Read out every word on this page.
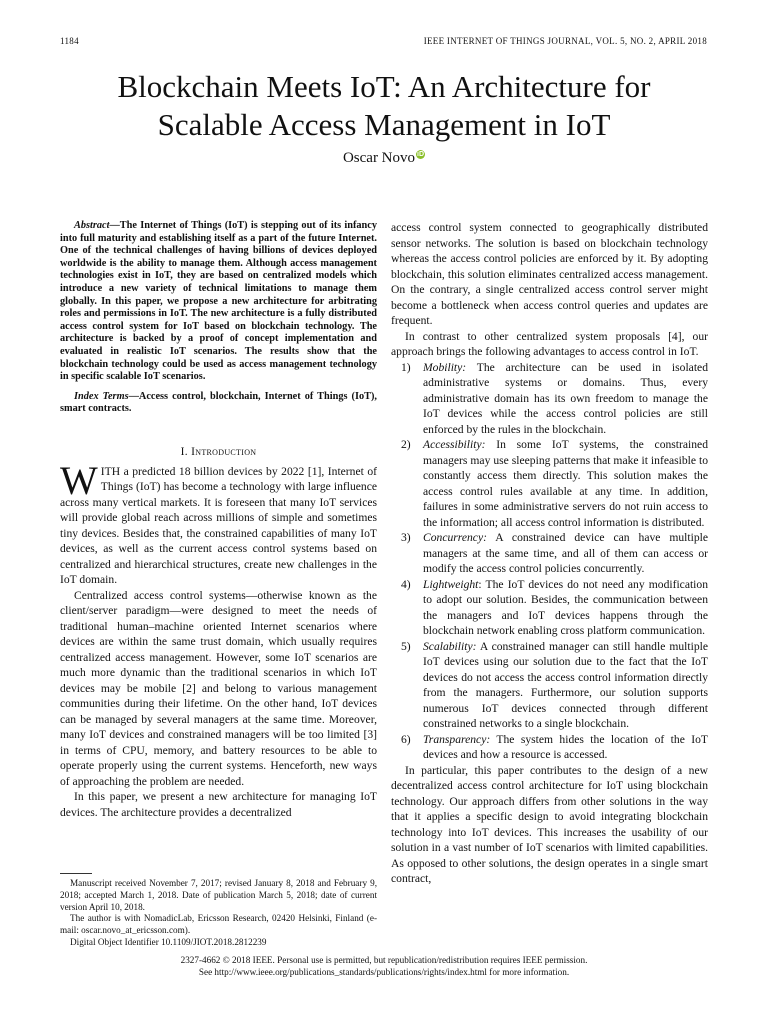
1184	IEEE INTERNET OF THINGS JOURNAL, VOL. 5, NO. 2, APRIL 2018
Blockchain Meets IoT: An Architecture for
Scalable Access Management in IoT
Oscar Novo iD

Abstract—The Internet of Things (IoT) is stepping out of its infancy into full maturity and establishing itself as a part of the future Internet. One of the technical challenges of having billions of devices deployed worldwide is the ability to manage them. Although access management technologies exist in IoT, they are based on centralized models which introduce a new variety of technical limitations to manage them globally. In this paper, we propose a new architecture for arbitrating roles and permissions in IoT. The new architecture is a fully distributed access control system for IoT based on blockchain technology. The architecture is backed by a proof of concept implementation and evaluated in realistic IoT scenarios. The results show that the blockchain technology could be used as access management technology in specific scalable IoT scenarios.

Index Terms—Access control, blockchain, Internet of Things (IoT), smart contracts.

I. Introduction

WITH a predicted 18 billion devices by 2022 [1], Internet of Things (IoT) has become a technology with large influence across many vertical markets. It is foreseen that many IoT services will provide global reach across millions of simple and sometimes tiny devices. Besides that, the constrained capabilities of many IoT devices, as well as the current access control systems based on centralized and hierarchical structures, create new challenges in the IoT domain.

Centralized access control systems—otherwise known as the client/server paradigm—were designed to meet the needs of traditional human–machine oriented Internet scenarios where devices are within the same trust domain, which usually requires centralized access management. However, some IoT scenarios are much more dynamic than the traditional scenarios in which IoT devices may be mobile [2] and belong to various management communities during their lifetime. On the other hand, IoT devices can be managed by several managers at the same time. Moreover, many IoT devices and constrained managers will be too limited [3] in terms of CPU, memory, and battery resources to be able to operate properly using the current systems. Henceforth, new ways of approaching the problem are needed.

In this paper, we present a new architecture for managing IoT devices. The architecture provides a decentralized

access control system connected to geographically distributed sensor networks. The solution is based on blockchain technology whereas the access control policies are enforced by it. By adopting blockchain, this solution eliminates centralized access management. On the contrary, a single centralized access control server might become a bottleneck when access control queries and updates are frequent.

In contrast to other centralized system proposals [4], our approach brings the following advantages to access control in IoT.

1) Mobility: The architecture can be used in isolated administrative systems or domains. Thus, every administrative domain has its own freedom to manage the IoT devices while the access control policies are still enforced by the rules in the blockchain.
2) Accessibility: In some IoT systems, the constrained managers may use sleeping patterns that make it infeasible to constantly access them directly. This solution makes the access control rules available at any time. In addition, failures in some administrative servers do not ruin access to the information; all access control information is distributed.
3) Concurrency: A constrained device can have multiple managers at the same time, and all of them can access or modify the access control policies concurrently.
4) Lightweight: The IoT devices do not need any modification to adopt our solution. Besides, the communication between the managers and IoT devices happens through the blockchain network enabling cross platform communication.
5) Scalability: A constrained manager can still handle multiple IoT devices using our solution due to the fact that the IoT devices do not access the access control information directly from the managers. Furthermore, our solution supports numerous IoT devices connected through different constrained networks to a single blockchain.
6) Transparency: The system hides the location of the IoT devices and how a resource is accessed.

In particular, this paper contributes to the design of a new decentralized access control architecture for IoT using blockchain technology. Our approach differs from other solutions in the way that it applies a specific design to avoid integrating blockchain technology into IoT devices. This increases the usability of our solution in a vast number of IoT scenarios with limited capabilities. As opposed to other solutions, the design operates in a single smart contract,

Manuscript received November 7, 2017; revised January 8, 2018 and February 9, 2018; accepted March 1, 2018. Date of publication March 5, 2018; date of current version April 10, 2018.

The author is with NomadicLab, Ericsson Research, 02420 Helsinki, Finland (e-mail: oscar.novo_at_ericsson.com).

Digital Object Identifier 10.1109/JIOT.2018.2812239

2327-4662 © 2018 IEEE. Personal use is permitted, but republication/redistribution requires IEEE permission.
See http://www.ieee.org/publications_standards/publications/rights/index.html for more information.
